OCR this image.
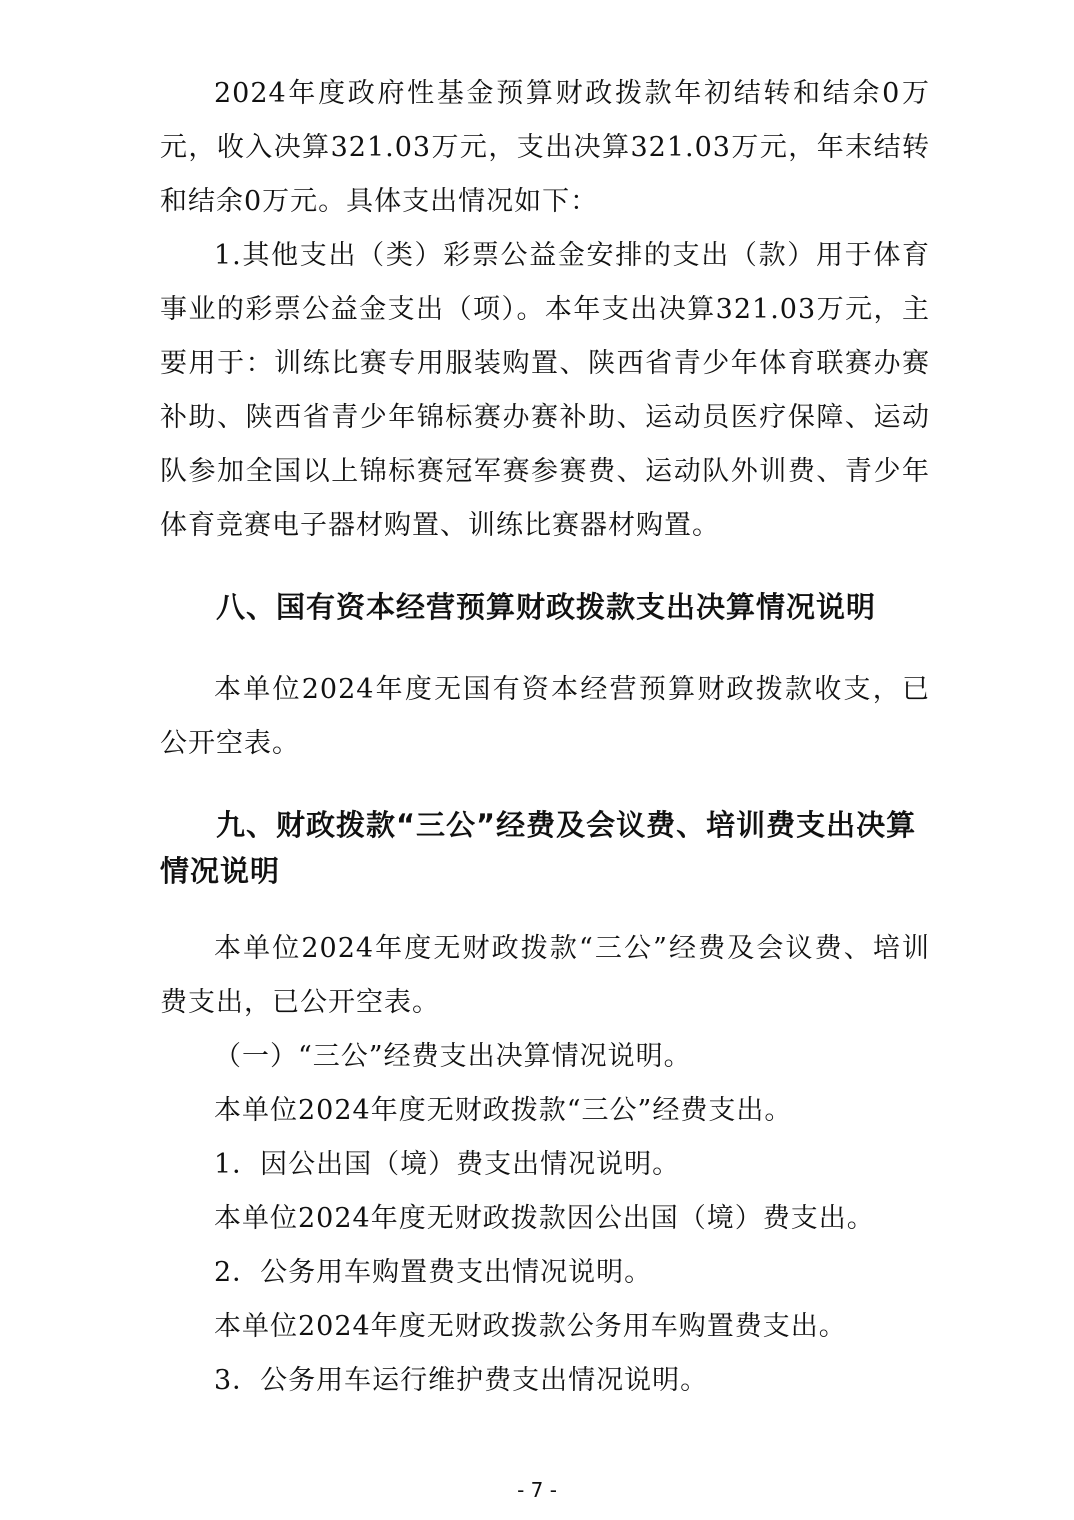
2024年度政府性基金预算财政拨款年初结转和结余0万元，收入决算321.03万元，支出决算321.03万元，年末结转和结余0万元。具体支出情况如下：

1.其他支出（类）彩票公益金安排的支出（款）用于体育事业的彩票公益金支出（项）。本年支出决算321.03万元，主要用于：训练比赛专用服装购置、陕西省青少年体育联赛办赛补助、陕西省青少年锦标赛办赛补助、运动员医疗保障、运动队参加全国以上锦标赛冠军赛参赛费、运动队外训费、青少年体育竞赛电子器材购置、训练比赛器材购置。

八、国有资本经营预算财政拨款支出决算情况说明

本单位2024年度无国有资本经营预算财政拨款收支，已公开空表。

九、财政拨款“三公”经费及会议费、培训费支出决算情况说明

本单位2024年度无财政拨款“三公”经费及会议费、培训费支出，已公开空表。

（一）“三公”经费支出决算情况说明。

本单位2024年度无财政拨款“三公”经费支出。

1．因公出国（境）费支出情况说明。

本单位2024年度无财政拨款因公出国（境）费支出。

2．公务用车购置费支出情况说明。

本单位2024年度无财政拨款公务用车购置费支出。

3．公务用车运行维护费支出情况说明。

- 7 -
